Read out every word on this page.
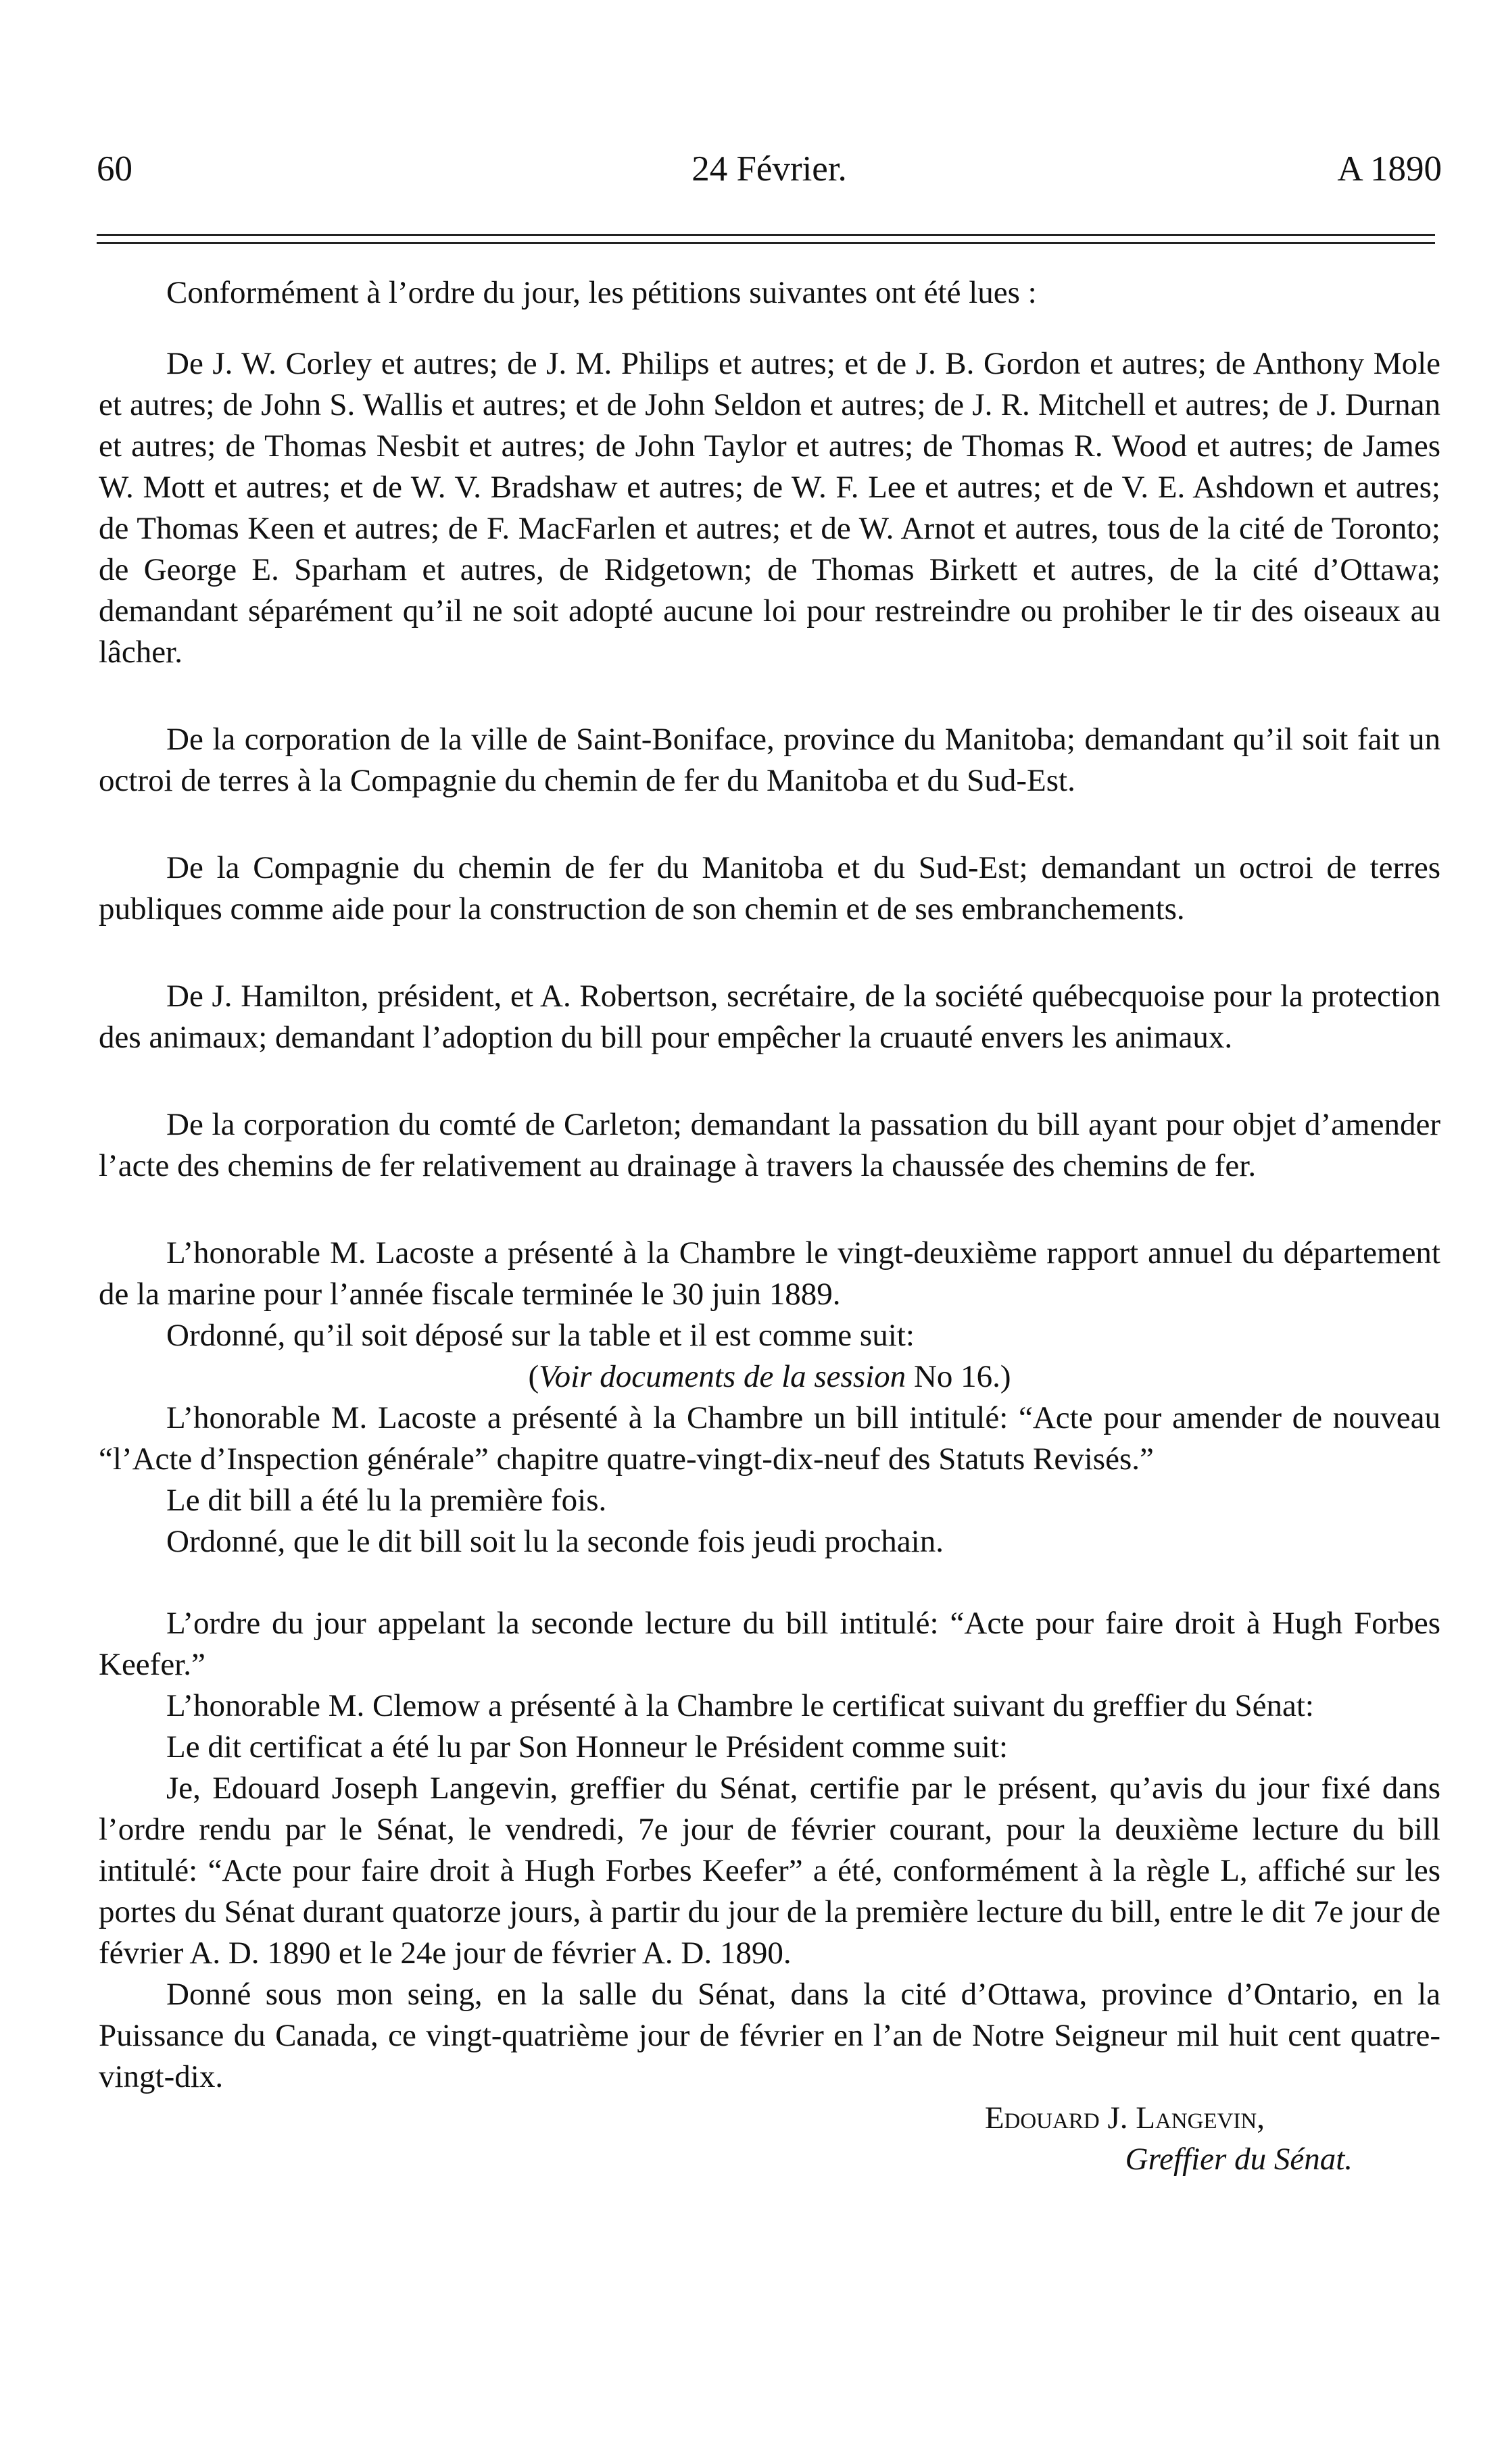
60	24 Février.	A 1890

Conformément à l’ordre du jour, les pétitions suivantes ont été lues :

De J. W. Corley et autres; de J. M. Philips et autres; et de J. B. Gordon et autres; de Anthony Mole et autres; de John S. Wallis et autres; et de John Seldon et autres; de J. R. Mitchell et autres; de J. Durnan et autres; de Thomas Nesbit et autres; de John Taylor et autres; de Thomas R. Wood et autres; de James W. Mott et autres; et de W. V. Bradshaw et autres; de W. F. Lee et autres; et de V. E. Ashdown et autres; de Thomas Keen et autres; de F. MacFarlen et autres; et de W. Arnot et autres, tous de la cité de Toronto; de George E. Sparham et autres, de Ridgetown; de Thomas Birkett et autres, de la cité d’Ottawa; demandant séparément qu’il ne soit adopté aucune loi pour restreindre ou prohiber le tir des oiseaux au lâcher.

De la corporation de la ville de Saint-Boniface, province du Manitoba; demandant qu’il soit fait un octroi de terres à la Compagnie du chemin de fer du Manitoba et du Sud-Est.

De la Compagnie du chemin de fer du Manitoba et du Sud-Est; demandant un octroi de terres publiques comme aide pour la construction de son chemin et de ses embranchements.

De J. Hamilton, président, et A. Robertson, secrétaire, de la société québecquoise pour la protection des animaux; demandant l’adoption du bill pour empêcher la cruauté envers les animaux.

De la corporation du comté de Carleton; demandant la passation du bill ayant pour objet d’amender l’acte des chemins de fer relativement au drainage à travers la chaussée des chemins de fer.

L’honorable M. Lacoste a présenté à la Chambre le vingt-deuxième rapport annuel du département de la marine pour l’année fiscale terminée le 30 juin 1889.

Ordonné, qu’il soit déposé sur la table et il est comme suit:

(Voir documents de la session No 16.)

L’honorable M. Lacoste a présenté à la Chambre un bill intitulé: “Acte pour amender de nouveau “l’Acte d’Inspection générale” chapitre quatre-vingt-dix-neuf des Statuts Revisés.”

Le dit bill a été lu la première fois.

Ordonné, que le dit bill soit lu la seconde fois jeudi prochain.

L’ordre du jour appelant la seconde lecture du bill intitulé: “Acte pour faire droit à Hugh Forbes Keefer.”

L’honorable M. Clemow a présenté à la Chambre le certificat suivant du greffier du Sénat:

Le dit certificat a été lu par Son Honneur le Président comme suit:

Je, Edouard Joseph Langevin, greffier du Sénat, certifie par le présent, qu’avis du jour fixé dans l’ordre rendu par le Sénat, le vendredi, 7e jour de février courant, pour la deuxième lecture du bill intitulé: “Acte pour faire droit à Hugh Forbes Keefer” a été, conformément à la règle L, affiché sur les portes du Sénat durant quatorze jours, à partir du jour de la première lecture du bill, entre le dit 7e jour de février A. D. 1890 et le 24e jour de février A. D. 1890.

Donné sous mon seing, en la salle du Sénat, dans la cité d’Ottawa, province d’Ontario, en la Puissance du Canada, ce vingt-quatrième jour de février en l’an de Notre Seigneur mil huit cent quatre-vingt-dix.

Edouard J. Langevin,

Greffier du Sénat.
